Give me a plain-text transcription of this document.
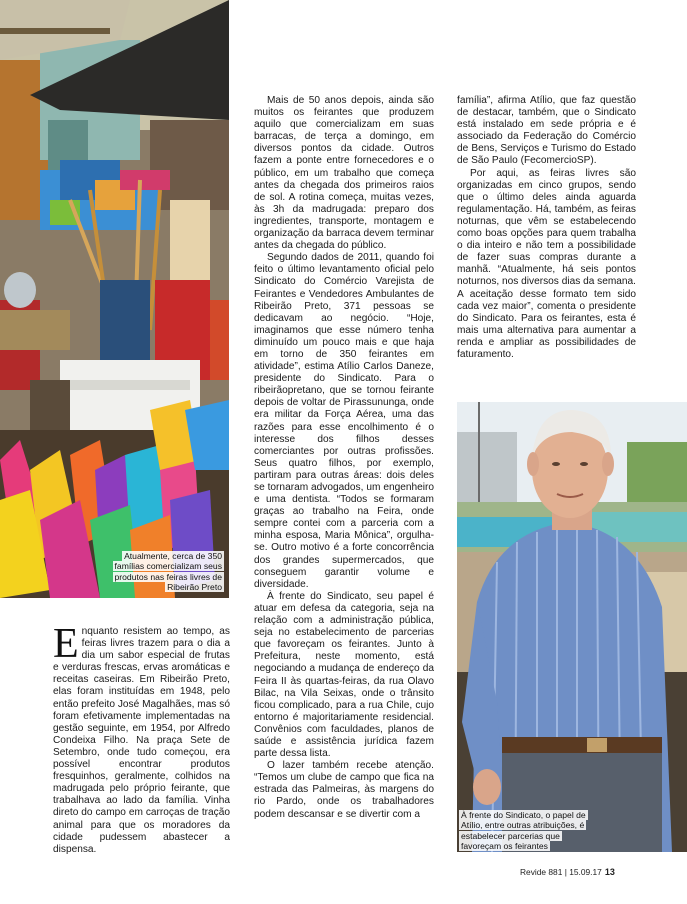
Atualmente, cerca de 350 famílias comercializam seus produtos nas feiras livres de Ribeirão Preto
À frente do Sindicato, o papel de Atílio, entre outras atribuições, é estabelecer parcerias que favoreçam os feirantes

Enquanto resistem ao tempo, as feiras livres trazem para o dia a dia um sabor especial de frutas e verduras frescas, ervas aromáticas e receitas caseiras. Em Ribeirão Preto, elas foram instituídas em 1948, pelo então prefeito José Magalhães, mas só foram efetivamente implementadas na gestão seguinte, em 1954, por Alfredo Condeixa Filho. Na praça Sete de Setembro, onde tudo começou, era possível encontrar produtos fresquinhos, geralmente, colhidos na madrugada pelo próprio feirante, que trabalhava ao lado da família. Vinha direto do campo em carroças de tração animal para que os moradores da cidade pudessem abastecer a dispensa.

Mais de 50 anos depois, ainda são muitos os feirantes que produzem aquilo que comercializam em suas barracas, de terça a domingo, em diversos pontos da cidade. Outros fazem a ponte entre fornecedores e o público, em um trabalho que começa antes da chegada dos primeiros raios de sol. A rotina começa, muitas vezes, às 3h da madrugada: preparo dos ingredientes, transporte, montagem e organização da barraca devem terminar antes da chegada do público.

Segundo dados de 2011, quando foi feito o último levantamento oficial pelo Sindicato do Comércio Varejista de Feirantes e Vendedores Ambulantes de Ribeirão Preto, 371 pessoas se dedicavam ao negócio. “Hoje, imaginamos que esse número tenha diminuído um pouco mais e que haja em torno de 350 feirantes em atividade”, estima Atílio Carlos Daneze, presidente do Sindicato. Para o ribeirãopretano, que se tornou feirante depois de voltar de Pirassununga, onde era militar da Força Aérea, uma das razões para esse encolhimento é o interesse dos filhos desses comerciantes por outras profissões. Seus quatro filhos, por exemplo, partiram para outras áreas: dois deles se tornaram advogados, um engenheiro e uma dentista. “Todos se formaram graças ao trabalho na Feira, onde sempre contei com a parceria com a minha esposa, Maria Mônica”, orgulha-se. Outro motivo é a forte concorrência dos grandes supermercados, que conseguem garantir volume e diversidade.

À frente do Sindicato, seu papel é atuar em defesa da categoria, seja na relação com a administração pública, seja no estabelecimento de parcerias que favoreçam os feirantes. Junto à Prefeitura, neste momento, está negociando a mudança de endereço da Feira II às quartas-feiras, da rua Olavo Bilac, na Vila Seixas, onde o trânsito ficou complicado, para a rua Chile, cujo entorno é majoritariamente residencial. Convênios com faculdades, planos de saúde e assistência jurídica fazem parte dessa lista.

O lazer também recebe atenção. “Temos um clube de campo que fica na estrada das Palmeiras, às margens do rio Pardo, onde os trabalhadores podem descansar e se divertir com a

família”, afirma Atílio, que faz questão de destacar, também, que o Sindicato está instalado em sede própria e é associado da Federação do Comércio de Bens, Serviços e Turismo do Estado de São Paulo (FecomercioSP).

Por aqui, as feiras livres são organizadas em cinco grupos, sendo que o último deles ainda aguarda regulamentação. Há, também, as feiras noturnas, que vêm se estabelecendo como boas opções para quem trabalha o dia inteiro e não tem a possibilidade de fazer suas compras durante a manhã. “Atualmente, há seis pontos noturnos, nos diversos dias da semana. A aceitação desse formato tem sido cada vez maior”, comenta o presidente do Sindicato. Para os feirantes, esta é mais uma alternativa para aumentar a renda e ampliar as possibilidades de faturamento.

Revide 881 | 15.09.17 13
